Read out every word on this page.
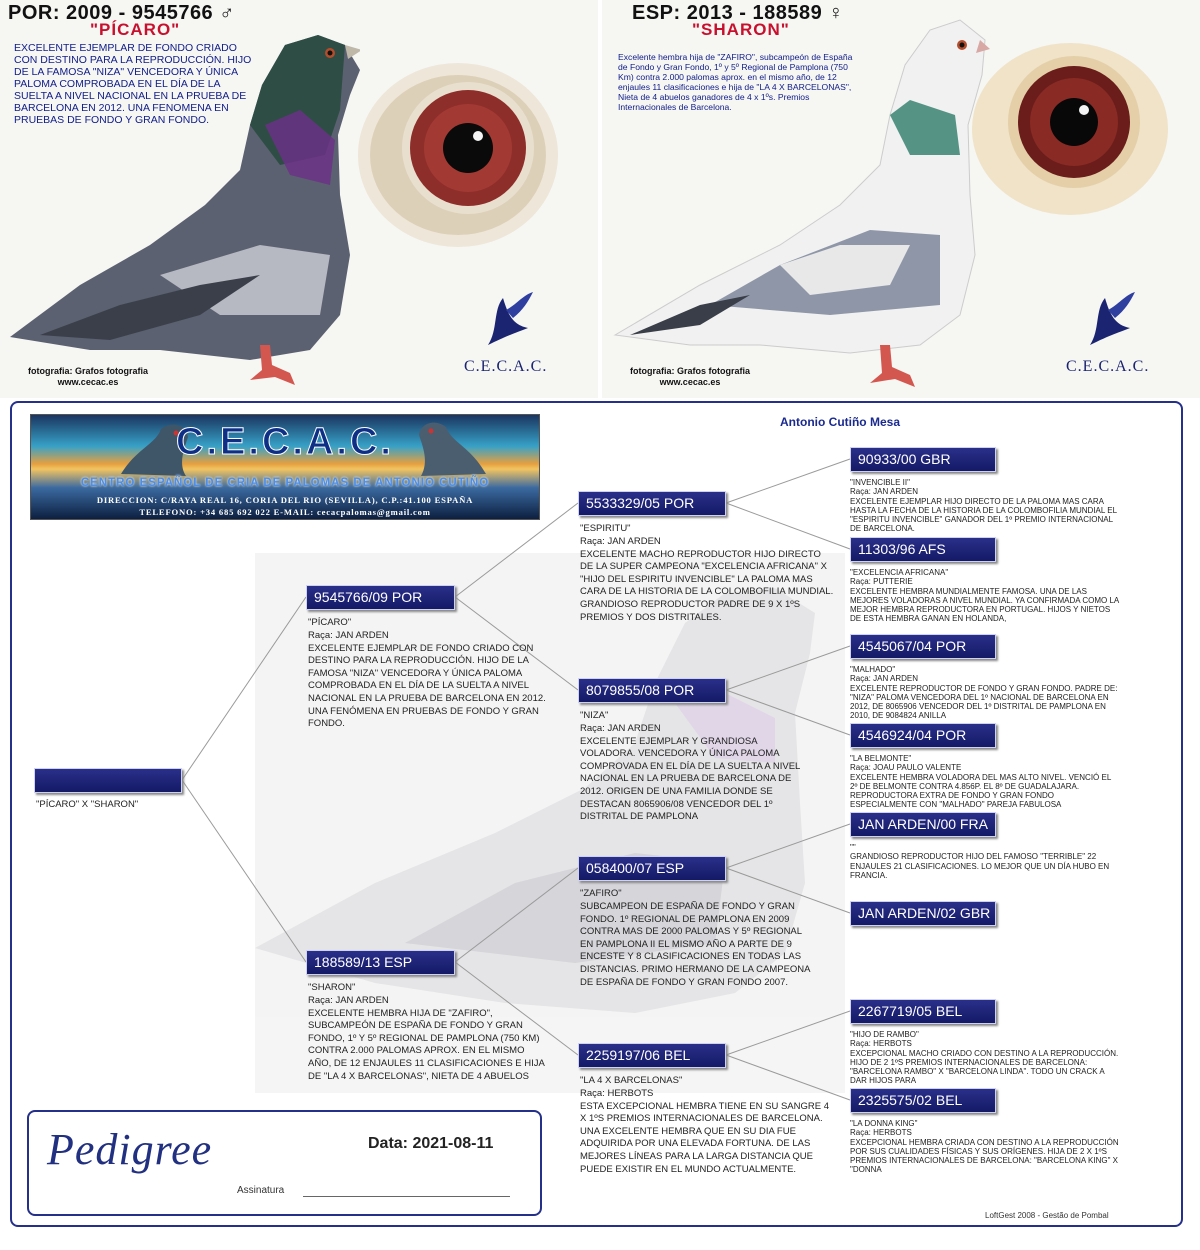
POR: 2009 - 9545766 ♂
"PÍCARO"
EXCELENTE EJEMPLAR DE FONDO CRIADO CON DESTINO PARA LA REPRODUCCIÓN. HIJO DE LA FAMOSA "NIZA" VENCEDORA Y ÚNICA PALOMA COMPROBADA EN EL DÍA DE LA SUELTA A NIVEL NACIONAL EN LA PRUEBA DE BARCELONA EN 2012. UNA FENOMENA EN PRUEBAS DE FONDO Y GRAN FONDO.
fotografia: Grafos fotografia
www.cecac.es
C.E.C.A.C.
ESP: 2013 - 188589 ♀
"SHARON"
Excelente hembra hija de "ZAFIRO", subcampeón de España de Fondo y Gran Fondo, 1º y 5º Regional de Pamplona (750 Km) contra 2.000 palomas aprox. en el mismo año, de 12 enjaules 11 clasificaciones e hija de "LA 4 X BARCELONAS", Nieta de 4 abuelos ganadores de 4 x 1ºs. Premios Internacionales de Barcelona.
fotografia: Grafos fotografia
www.cecac.es
C.E.C.A.C.
Antonio Cutiño Mesa
C.E.C.A.C.
CENTRO ESPAÑOL DE CRIA DE PALOMAS DE ANTONIO CUTIÑO
DIRECCION: C/RAYA REAL 16, CORIA DEL RIO (SEVILLA), C.P.:41.100 ESPAÑA
TELEFONO: +34 685 692 022 E-MAIL: cecacpalomas@gmail.com
"PÍCARO" X "SHARON"
9545766/09 POR
"PÍCARO"
Raça: JAN ARDEN
EXCELENTE EJEMPLAR DE FONDO CRIADO CON DESTINO PARA LA REPRODUCCIÓN. HIJO DE LA FAMOSA "NIZA" VENCEDORA Y ÚNICA PALOMA COMPROBADA EN EL DÍA DE LA SUELTA A NIVEL NACIONAL EN LA PRUEBA DE BARCELONA EN 2012. UNA FENÓMENA EN PRUEBAS DE FONDO Y GRAN FONDO.
188589/13 ESP
"SHARON"
Raça: JAN ARDEN
EXCELENTE HEMBRA HIJA DE "ZAFIRO", SUBCAMPEÓN DE ESPAÑA DE FONDO Y GRAN FONDO, 1º Y 5º REGIONAL DE PAMPLONA (750 KM) CONTRA 2.000 PALOMAS APROX. EN EL MISMO AÑO, DE 12 ENJAULES 11 CLASIFICACIONES E HIJA DE "LA 4 X BARCELONAS", NIETA DE 4 ABUELOS
5533329/05 POR
"ESPIRITU"
Raça: JAN ARDEN
EXCELENTE MACHO REPRODUCTOR HIJO DIRECTO DE LA SUPER CAMPEONA "EXCELENCIA AFRICANA" X "HIJO DEL ESPIRITU INVENCIBLE" LA PALOMA MAS CARA DE LA HISTORIA DE LA COLOMBOFILIA MUNDIAL. GRANDIOSO REPRODUCTOR PADRE DE 9 X 1ºS PREMIOS Y DOS DISTRITALES.
8079855/08 POR
"NIZA"
Raça: JAN ARDEN
EXCELENTE EJEMPLAR Y GRANDIOSA VOLADORA. VENCEDORA Y ÚNICA PALOMA COMPROVADA EN EL DÍA DE LA SUELTA A NIVEL NACIONAL EN LA PRUEBA DE BARCELONA DE 2012. ORIGEN DE UNA FAMILIA DONDE SE DESTACAN 8065906/08 VENCEDOR DEL 1º DISTRITAL DE PAMPLONA
058400/07 ESP
"ZAFIRO"
SUBCAMPEON DE ESPAÑA DE FONDO Y GRAN FONDO. 1º REGIONAL DE PAMPLONA EN 2009 CONTRA MAS DE 2000 PALOMAS Y 5º REGIONAL EN PAMPLONA II EL MISMO AÑO A PARTE DE 9 ENCESTE Y 8 CLASIFICACIONES EN TODAS LAS DISTANCIAS. PRIMO HERMANO DE LA CAMPEONA DE ESPAÑA DE FONDO Y GRAN FONDO 2007.
2259197/06 BEL
"LA 4 X BARCELONAS"
Raça: HERBOTS
ESTA EXCEPCIONAL HEMBRA TIENE EN SU SANGRE 4 X 1ºS PREMIOS INTERNACIONALES DE BARCELONA. UNA EXCELENTE HEMBRA QUE EN SU DIA FUE ADQUIRIDA POR UNA ELEVADA FORTUNA. DE LAS MEJORES LÍNEAS PARA LA LARGA DISTANCIA QUE PUEDE EXISTIR EN EL MUNDO ACTUALMENTE.
90933/00 GBR
"INVENCIBLE II"
Raça: JAN ARDEN
EXCELENTE EJEMPLAR HIJO DIRECTO DE LA PALOMA MAS CARA HASTA LA FECHA DE LA HISTORIA DE LA COLOMBOFILIA MUNDIAL EL "ESPIRITU INVENCIBLE" GANADOR DEL 1º PREMIO INTERNACIONAL DE BARCELONA.
11303/96 AFS
"EXCELENCIA AFRICANA"
Raça: PUTTERIE
EXCELENTE HEMBRA MUNDIALMENTE FAMOSA. UNA DE LAS MEJORES VOLADORAS A NIVEL MUNDIAL. YA CONFIRMADA COMO LA MEJOR HEMBRA REPRODUCTORA EN PORTUGAL. HIJOS Y NIETOS DE ESTA HEMBRA GANAN EN HOLANDA,
4545067/04 POR
"MALHADO"
Raça: JAN ARDEN
EXCELENTE REPRODUCTOR DE FONDO Y GRAN FONDO. PADRE DE: "NIZA" PALOMA VENCEDORA DEL 1º NACIONAL DE BARCELONA EN 2012, DE 8065906 VENCEDOR DEL 1º DISTRITAL DE PAMPLONA EN 2010, DE 9084824 ANILLA
4546924/04 POR
"LA BELMONTE"
Raça: JOAU PAULO VALENTE
EXCELENTE HEMBRA VOLADORA DEL MAS ALTO NIVEL. VENCIÓ EL 2º DE BELMONTE CONTRA 4.856P. EL 8º DE GUADALAJARA. REPRODUCTORA EXTRA DE FONDO Y GRAN FONDO ESPECIALMENTE CON "MALHADO" PAREJA FABULOSA
JAN ARDEN/00 FRA
""
GRANDIOSO REPRODUCTOR HIJO DEL FAMOSO "TERRIBLE" 22 ENJAULES 21 CLASIFICACIONES. LO MEJOR QUE UN DÍA HUBO EN FRANCIA.
JAN ARDEN/02 GBR
2267719/05 BEL
"HIJO DE RAMBO"
Raça: HERBOTS
EXCEPCIONAL MACHO CRIADO CON DESTINO A LA REPRODUCCIÓN. HIJO DE 2 1ºS PREMIOS INTERNACIONALES DE BARCELONA: "BARCELONA RAMBO" X "BARCELONA LINDA". TODO UN CRACK A DAR HIJOS PARA
2325575/02 BEL
"LA DONNA KING"
Raça: HERBOTS
EXCEPCIONAL HEMBRA CRIADA CON DESTINO A LA REPRODUCCIÓN POR SUS CUALIDADES FÍSICAS Y SUS ORÍGENES. HIJA DE 2 X 1ºS PREMIOS INTERNACIONALES DE BARCELONA: "BARCELONA KING" X "DONNA
Pedigree	Data: 2021-08-11
Assinatura
LoftGest 2008 - Gestão de Pombal
